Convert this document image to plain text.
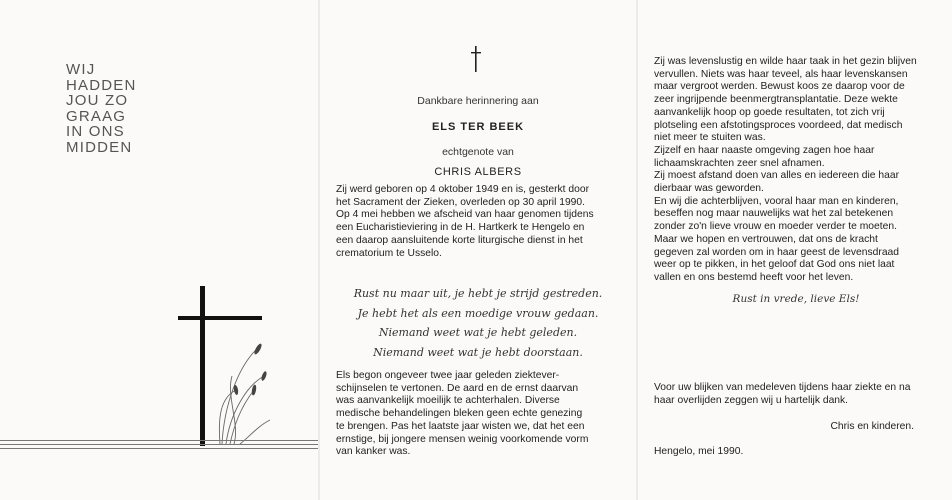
WIJ
HADDEN
JOU ZO
GRAAG
IN ONS
MIDDEN
Dankbare herinnering aan
ELS TER BEEK
echtgenote van
CHRIS ALBERS
Zij werd geboren op 4 oktober 1949 en is, gesterkt door
het Sacrament der Zieken, overleden op 30 april 1990.
Op 4 mei hebben we afscheid van haar genomen tijdens
een Eucharistieviering in de H. Hartkerk te Hengelo en
een daarop aansluitende korte liturgische dienst in het
crematorium te Usselo.
Rust nu maar uit, je hebt je strijd gestreden.
Je hebt het als een moedige vrouw gedaan.
Niemand weet wat je hebt geleden.
Niemand weet wat je hebt doorstaan.
Els begon ongeveer twee jaar geleden ziektever-
schijnselen te vertonen. De aard en de ernst daarvan
was aanvankelijk moeilijk te achterhalen. Diverse
medische behandelingen bleken geen echte genezing
te brengen. Pas het laatste jaar wisten we, dat het een
ernstige, bij jongere mensen weinig voorkomende vorm
van kanker was.
Zij was levenslustig en wilde haar taak in het gezin blijven
vervullen. Niets was haar teveel, als haar levenskansen
maar vergroot werden. Bewust koos ze daarop voor de
zeer ingrijpende beenmergtransplantatie. Deze wekte
aanvankelijk hoop op goede resultaten, tot zich vrij
plotseling een afstotingsproces voordeed, dat medisch
niet meer te stuiten was.
Zijzelf en haar naaste omgeving zagen hoe haar
lichaamskrachten zeer snel afnamen.
Zij moest afstand doen van alles en iedereen die haar
dierbaar was geworden.
En wij die achterblijven, vooral haar man en kinderen,
beseffen nog maar nauwelijks wat het zal betekenen
zonder zo'n lieve vrouw en moeder verder te moeten.
Maar we hopen en vertrouwen, dat ons de kracht
gegeven zal worden om in haar geest de levensdraad
weer op te pikken, in het geloof dat God ons niet laat
vallen en ons bestemd heeft voor het leven.
Rust in vrede, lieve Els!
Voor uw blijken van medeleven tijdens haar ziekte en na
haar overlijden zeggen wij u hartelijk dank.
Chris en kinderen.
Hengelo, mei 1990.
